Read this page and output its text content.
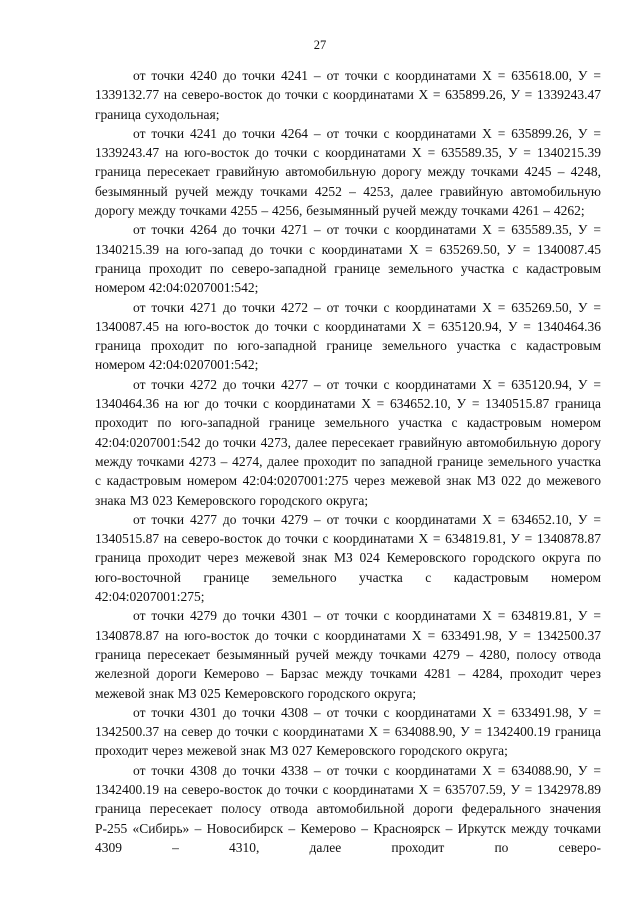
27

от точки 4240 до точки 4241 – от точки с координатами Х = 635618.00, У = 1339132.77 на северо-восток до точки с координатами Х = 635899.26, У = 1339243.47 граница суходольная;

от точки 4241 до точки 4264 – от точки с координатами Х = 635899.26, У = 1339243.47 на юго-восток до точки с координатами Х = 635589.35, У = 1340215.39 граница пересекает гравийную автомобильную дорогу между точками 4245 – 4248, безымянный ручей между точками 4252 – 4253, далее гравийную автомобильную дорогу между точками 4255 – 4256, безымянный ручей между точками 4261 – 4262;

от точки 4264 до точки 4271 – от точки с координатами Х = 635589.35, У = 1340215.39 на юго-запад до точки с координатами Х = 635269.50, У = 1340087.45 граница проходит по северо-западной границе земельного участка с кадастровым номером 42:04:0207001:542;

от точки 4271 до точки 4272 – от точки с координатами Х = 635269.50, У = 1340087.45 на юго-восток до точки с координатами Х = 635120.94, У = 1340464.36 граница проходит по юго-западной границе земельного участка с кадастровым номером 42:04:0207001:542;

от точки 4272 до точки 4277 – от точки с координатами Х = 635120.94, У = 1340464.36 на юг до точки с координатами Х = 634652.10, У = 1340515.87 граница проходит по юго-западной границе земельного участка с кадастровым номером 42:04:0207001:542 до точки 4273, далее пересекает гравийную автомобильную дорогу между точками 4273 – 4274, далее проходит по западной границе земельного участка с кадастровым номером 42:04:0207001:275 через межевой знак МЗ 022 до межевого знака МЗ 023 Кемеровского городского округа;

от точки 4277 до точки 4279 – от точки с координатами Х = 634652.10, У = 1340515.87 на северо-восток до точки с координатами Х = 634819.81, У = 1340878.87 граница проходит через межевой знак МЗ 024 Кемеровского городского округа по юго-восточной границе земельного участка с кадастровым номером 42:04:0207001:275;

от точки 4279 до точки 4301 – от точки с координатами Х = 634819.81, У = 1340878.87 на юго-восток до точки с координатами Х = 633491.98, У = 1342500.37 граница пересекает безымянный ручей между точками 4279 – 4280, полосу отвода железной дороги Кемерово – Барзас между точками 4281 – 4284, проходит через межевой знак МЗ 025 Кемеровского городского округа;

от точки 4301 до точки 4308 – от точки с координатами Х = 633491.98, У = 1342500.37 на север до точки с координатами Х = 634088.90, У = 1342400.19 граница проходит через межевой знак МЗ 027 Кемеровского городского округа;

от точки 4308 до точки 4338 – от точки с координатами Х = 634088.90, У = 1342400.19 на северо-восток до точки с координатами Х = 635707.59, У = 1342978.89 граница пересекает полосу отвода автомобильной дороги федерального значения Р-255 «Сибирь» – Новосибирск – Кемерово – Красноярск – Иркутск между точками 4309 – 4310, далее проходит по северо-
